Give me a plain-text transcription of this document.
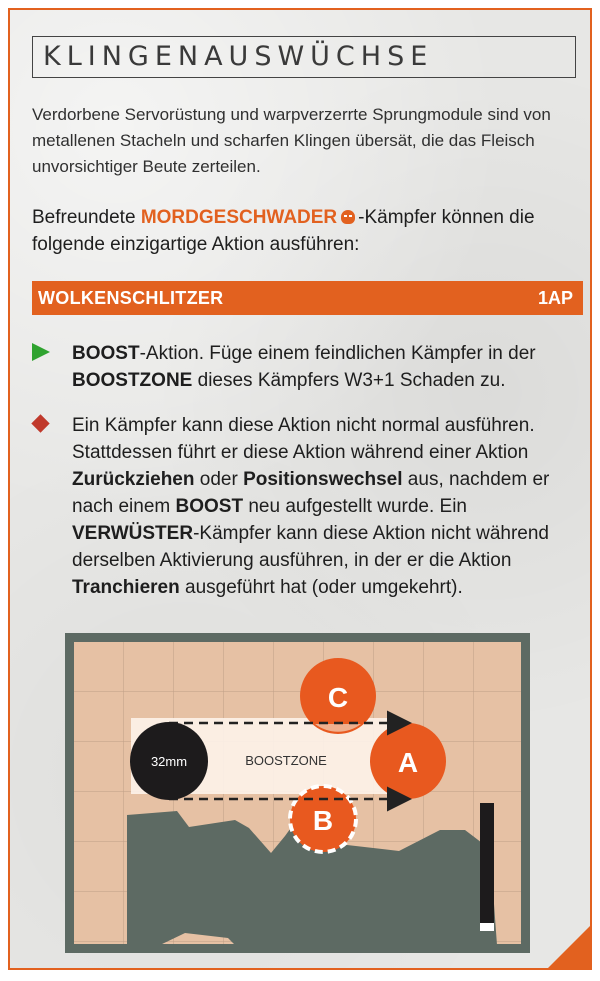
KLINGENAUSWÜCHSE
Verdorbene Servorüstung und warpverzerrte Sprungmodule sind von metallenen Stacheln und scharfen Klingen übersät, die das Fleisch unvorsichtiger Beute zerteilen.
Befreundete MORDGESCHWADER -Kämpfer können die folgende einzigartige Aktion ausführen:
WOLKENSCHLITZER	1AP
BOOST-Aktion. Füge einem feindlichen Kämpfer in der BOOSTZONE dieses Kämpfers W3+1 Schaden zu.
Ein Kämpfer kann diese Aktion nicht normal ausführen. Stattdessen führt er diese Aktion während einer Aktion Zurückziehen oder Positionswechsel aus, nachdem er nach einem BOOST neu aufgestellt wurde. Ein VERWÜSTER-Kämpfer kann diese Aktion nicht während derselben Aktivierung ausführen, in der er die Aktion Tranchieren ausgeführt hat (oder umgekehrt).
C
B
A
32mm	BOOSTZONE
